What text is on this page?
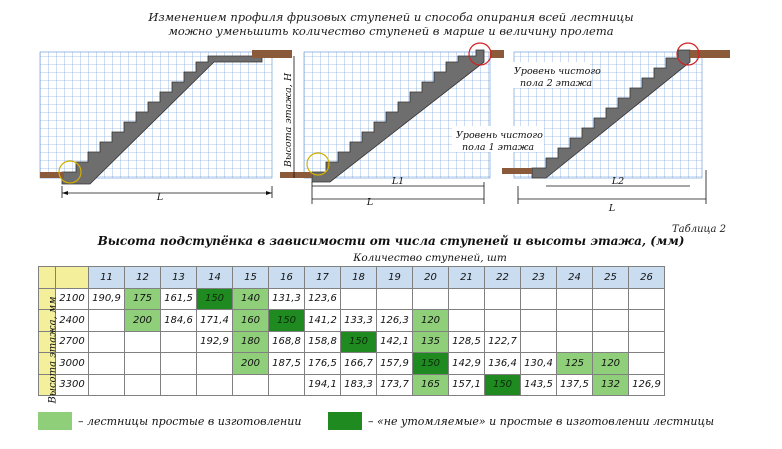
Изменением профиля фризовых ступеней и способа опирания всей лестницы
можно уменьшить количество ступеней в марше и величину пролета
L
Высота этажа, Н
L1
L
Уровень чистого
пола 2 этажа
Уровень чистого
пола 1 этажа
L2
L
Таблица 2
Высота подступёнка в зависимости от числа ступеней и высоты этажа, (мм)
Количество ступеней, шт
		11	12	13	14	15	16	17	18	19	20	21	22	23	24	25	26
	2100	190,9	175	161,5	150	140	131,3	123,6									
	2400		200	184,6	171,4	160	150	141,2	133,3	126,3	120						
	2700				192,9	180	168,8	158,8	150	142,1	135	128,5	122,7				
	3000					200	187,5	176,5	166,7	157,9	150	142,9	136,4	130,4	125	120	
	3300							194,1	183,3	173,7	165	157,1	150	143,5	137,5	132	126,9
Высота этажа, мм
– лестницы простые в изготовлении	– «не утомляемые» и простые в изготовлении лестницы
